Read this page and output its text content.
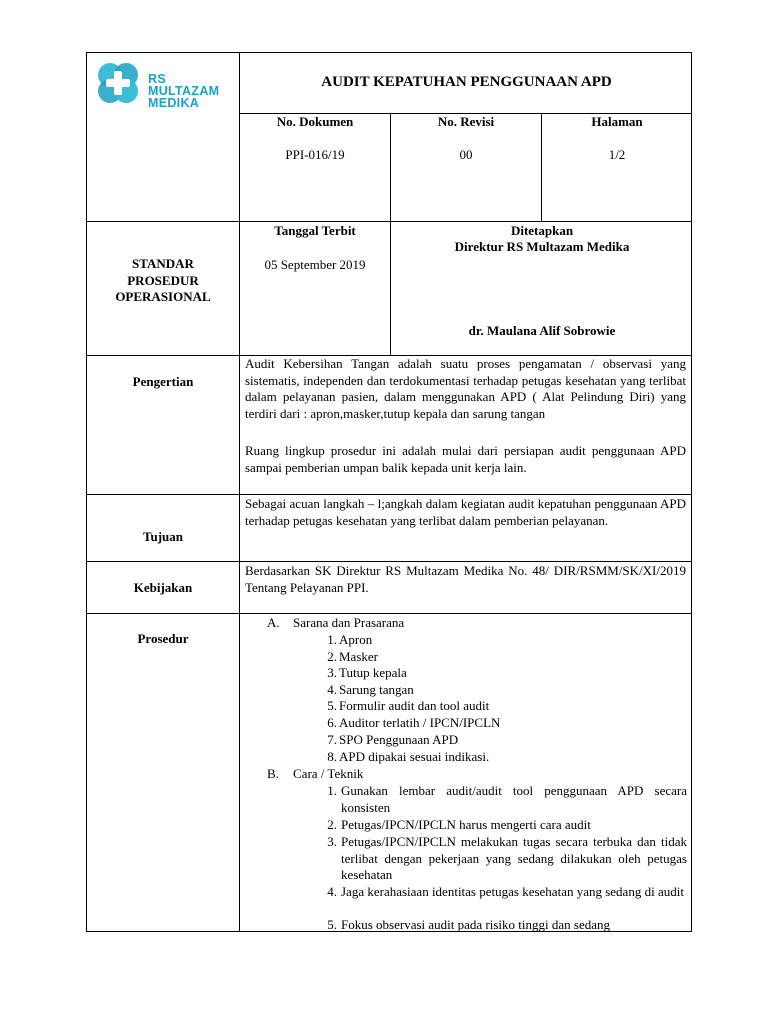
RS MULTAZAM
MEDIKA
AUDIT KEPATUHAN PENGGUNAAN APD
No. Dokumen
PPI-016/19
No. Revisi
00
Halaman
1/2
STANDAR
PROSEDUR
OPERASIONAL
Tanggal Terbit
05 September 2019
Ditetapkan
Direktur RS Multazam Medika
dr. Maulana Alif Sobrowie
Pengertian
Audit Kebersihan Tangan adalah suatu proses pengamatan / observasi yang sistematis, independen dan terdokumentasi terhadap petugas kesehatan yang terlibat dalam pelayanan pasien, dalam menggunakan APD ( Alat Pelindung Diri) yang terdiri dari : apron,masker,tutup kepala dan sarung tangan
Ruang lingkup prosedur ini adalah mulai dari persiapan audit penggunaan APD sampai pemberian umpan balik kepada unit kerja lain.
Tujuan
Sebagai acuan langkah – l;angkah dalam kegiatan audit kepatuhan penggunaan APD terhadap petugas kesehatan yang terlibat dalam pemberian pelayanan.
Kebijakan
Berdasarkan SK Direktur RS Multazam Medika No. 48/ DIR/RSMM/SK/XI/2019 Tentang Pelayanan PPI.
Prosedur
A. Sarana dan Prasarana
1. Apron
2. Masker
3. Tutup kepala
4. Sarung tangan
5. Formulir audit dan tool audit
6. Auditor terlatih / IPCN/IPCLN
7. SPO Penggunaan APD
8. APD dipakai sesuai indikasi.
B. Cara / Teknik
1. Gunakan lembar audit/audit tool penggunaan APD secara konsisten
2. Petugas/IPCN/IPCLN harus mengerti cara audit
3. Petugas/IPCN/IPCLN melakukan tugas secara terbuka dan tidak terlibat dengan pekerjaan yang sedang dilakukan oleh petugas kesehatan
4. Jaga kerahasiaan identitas petugas kesehatan yang sedang di audit
5. Fokus observasi audit pada risiko tinggi dan sedang
